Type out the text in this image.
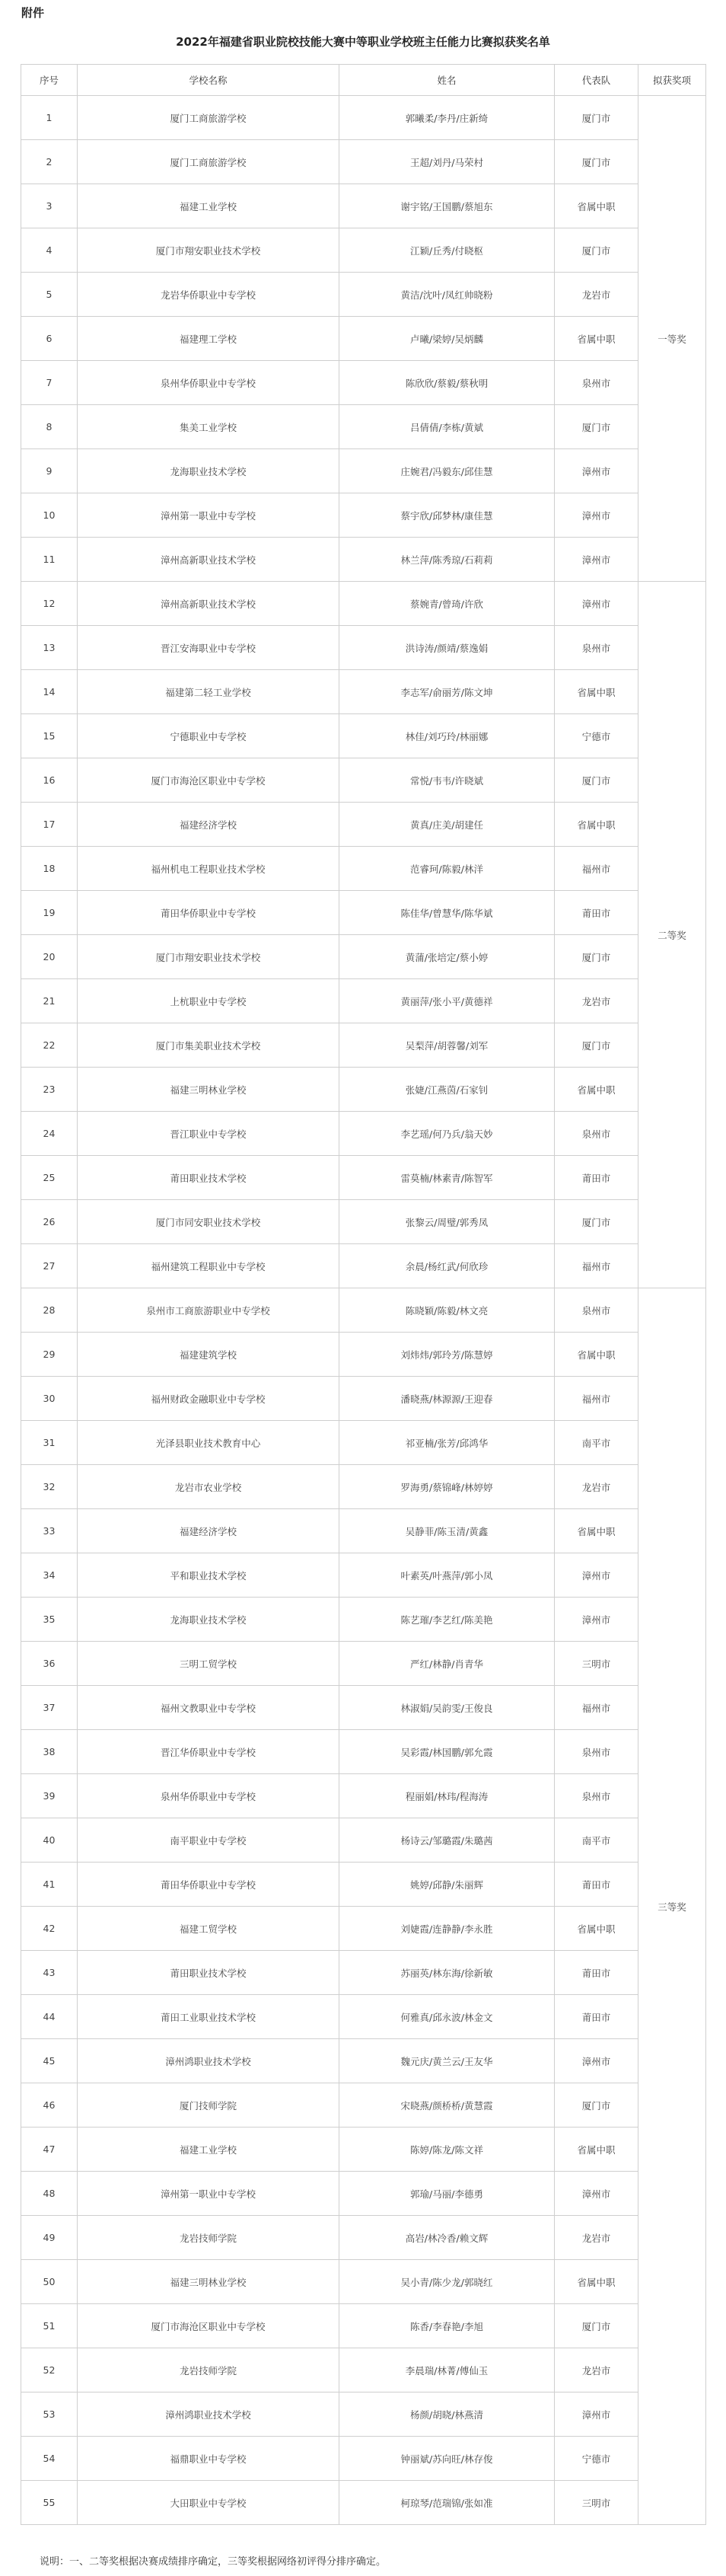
附件
2022年福建省职业院校技能大赛中等职业学校班主任能力比赛拟获奖名单
序号	学校名称	姓名	代表队	拟获奖项
1	厦门工商旅游学校	郭曦柔/李丹/庄新绮	厦门市	一等奖
2	厦门工商旅游学校	王超/刘丹/马荣村	厦门市	
3	福建工业学校	谢宇铭/王国鹏/蔡旭东	省属中职	
4	厦门市翔安职业技术学校	江颖/丘秀/付晓枢	厦门市	
5	龙岩华侨职业中专学校	黄洁/沈叶/凤红帅晓粉	龙岩市	
6	福建理工学校	卢曦/梁婷/吴炳麟	省属中职	
7	泉州华侨职业中专学校	陈欣欣/蔡毅/蔡秋明	泉州市	
8	集美工业学校	吕倩倩/李栋/黄斌	厦门市	
9	龙海职业技术学校	庄婉君/冯毅东/邱佳慧	漳州市	
10	漳州第一职业中专学校	蔡宇欣/邱梦林/康佳慧	漳州市	
11	漳州高新职业技术学校	林兰萍/陈秀琼/石莉莉	漳州市	
12	漳州高新职业技术学校	蔡婉青/曾琦/许欣	漳州市	二等奖
13	晋江安海职业中专学校	洪诗涛/颜靖/蔡逸娟	泉州市	
14	福建第二轻工业学校	李志军/俞丽芳/陈文坤	省属中职	
15	宁德职业中专学校	林佳/刘巧玲/林丽娜	宁德市	
16	厦门市海沧区职业中专学校	常悦/韦韦/许晓斌	厦门市	
17	福建经济学校	黄真/庄美/胡建任	省属中职	
18	福州机电工程职业技术学校	范睿珂/陈毅/林洋	福州市	
19	莆田华侨职业中专学校	陈佳华/曾慧华/陈华斌	莆田市	
20	厦门市翔安职业技术学校	黄蒲/张培定/蔡小婷	厦门市	
21	上杭职业中专学校	黄丽萍/张小平/黄德祥	龙岩市	
22	厦门市集美职业技术学校	吴梨萍/胡蓉馨/刘军	厦门市	
23	福建三明林业学校	张婕/江燕茵/石家钊	省属中职	
24	晋江职业中专学校	李艺瑶/何乃兵/翁天妙	泉州市	
25	莆田职业技术学校	雷莫楠/林素青/陈智军	莆田市	
26	厦门市同安职业技术学校	张黎云/周璧/郭秀凤	厦门市	
27	福州建筑工程职业中专学校	余晨/杨红武/何欣珍	福州市	
28	泉州市工商旅游职业中专学校	陈晓颖/陈毅/林文亮	泉州市	三等奖
29	福建建筑学校	刘炜炜/郭玲芳/陈慧婷	省属中职	
30	福州财政金融职业中专学校	潘晓燕/林源源/王迎春	福州市	
31	光泽县职业技术教育中心	祁亚楠/张芳/邱鸿华	南平市	
32	龙岩市农业学校	罗海勇/蔡锦峰/林婷婷	龙岩市	
33	福建经济学校	吴静菲/陈玉清/黄鑫	省属中职	
34	平和职业技术学校	叶素英/叶燕萍/郭小凤	漳州市	
35	龙海职业技术学校	陈艺璀/李艺红/陈美艳	漳州市	
36	三明工贸学校	严红/林静/肖青华	三明市	
37	福州文教职业中专学校	林淑娟/吴韵雯/王俊良	福州市	
38	晋江华侨职业中专学校	吴彩霞/林国鹏/郭允霞	泉州市	
39	泉州华侨职业中专学校	程丽娟/林玮/程海涛	泉州市	
40	南平职业中专学校	杨诗云/邹璐霞/朱璐茜	南平市	
41	莆田华侨职业中专学校	姚婷/邱静/朱丽辉	莆田市	
42	福建工贸学校	刘婕霞/连静静/李永胜	省属中职	
43	莆田职业技术学校	苏丽英/林东海/徐新敏	莆田市	
44	莆田工业职业技术学校	何雅真/邱永波/林金文	莆田市	
45	漳州鸿职业技术学校	魏元庆/黄兰云/王友华	漳州市	
46	厦门技师学院	宋晓燕/颜桥桥/黄慧霞	厦门市	
47	福建工业学校	陈婷/陈龙/陈文祥	省属中职	
48	漳州第一职业中专学校	郭瑜/马丽/李德勇	漳州市	
49	龙岩技师学院	高岩/林冷香/赖文辉	龙岩市	
50	福建三明林业学校	吴小青/陈少龙/郭晓红	省属中职	
51	厦门市海沧区职业中专学校	陈香/李春艳/李旭	厦门市	
52	龙岩技师学院	李晨瑞/林菁/傅仙玉	龙岩市	
53	漳州鸿职业技术学校	杨颜/胡晓/林燕清	漳州市	
54	福鼎职业中专学校	钟丽斌/苏向旺/林存俊	宁德市	
55	大田职业中专学校	柯琼琴/范瑞锦/张如准	三明市	
说明：一、二等奖根据决赛成绩排序确定，三等奖根据网络初评得分排序确定。
